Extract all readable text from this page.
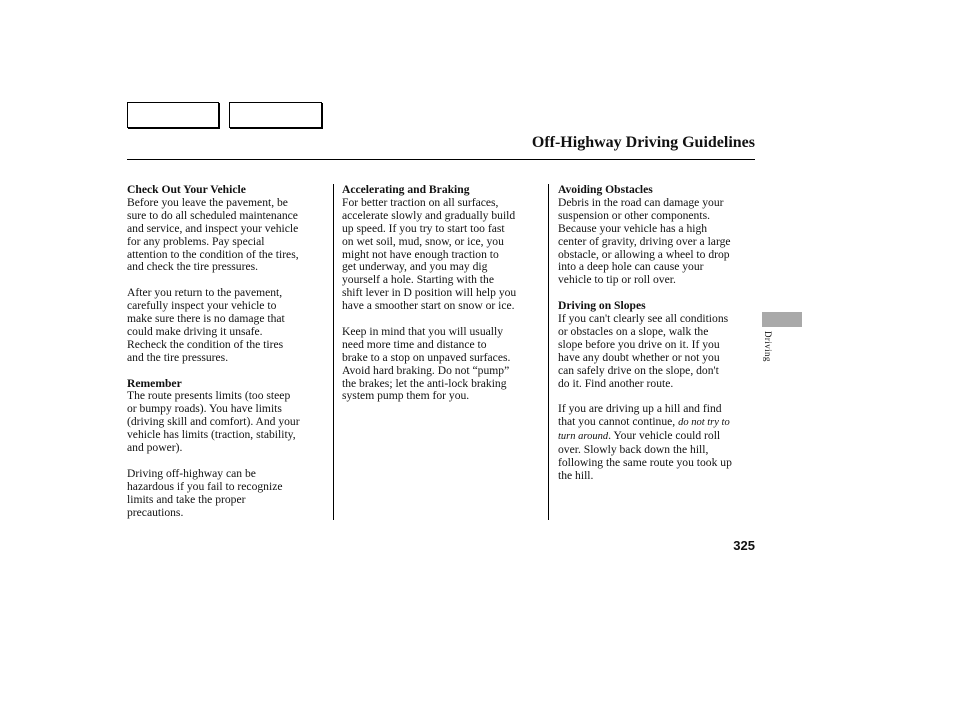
Off-Highway Driving Guidelines
Check Out Your Vehicle

Before you leave the pavement, be
sure to do all scheduled maintenance
and service, and inspect your vehicle
for any problems. Pay special
attention to the condition of the tires,
and check the tire pressures.

After you return to the pavement,
carefully inspect your vehicle to
make sure there is no damage that
could make driving it unsafe.
Recheck the condition of the tires
and the tire pressures.

Remember

The route presents limits (too steep
or bumpy roads). You have limits
(driving skill and comfort). And your
vehicle has limits (traction, stability,
and power).

Driving off-highway can be
hazardous if you fail to recognize
limits and take the proper
precautions.

Accelerating and Braking

For better traction on all surfaces,
accelerate slowly and gradually build
up speed. If you try to start too fast
on wet soil, mud, snow, or ice, you
might not have enough traction to
get underway, and you may dig
yourself a hole. Starting with the
shift lever in D position will help you
have a smoother start on snow or ice.

Keep in mind that you will usually
need more time and distance to
brake to a stop on unpaved surfaces.
Avoid hard braking. Do not “pump”
the brakes; let the anti-lock braking
system pump them for you.

Avoiding Obstacles

Debris in the road can damage your
suspension or other components.
Because your vehicle has a high
center of gravity, driving over a large
obstacle, or allowing a wheel to drop
into a deep hole can cause your
vehicle to tip or roll over.

Driving on Slopes

If you can't clearly see all conditions
or obstacles on a slope, walk the
slope before you drive on it. If you
have any doubt whether or not you
can safely drive on the slope, don't
do it. Find another route.

If you are driving up a hill and find
that you cannot continue, do not try to
turn around. Your vehicle could roll
over. Slowly back down the hill,
following the same route you took up
the hill.

Driving
325
